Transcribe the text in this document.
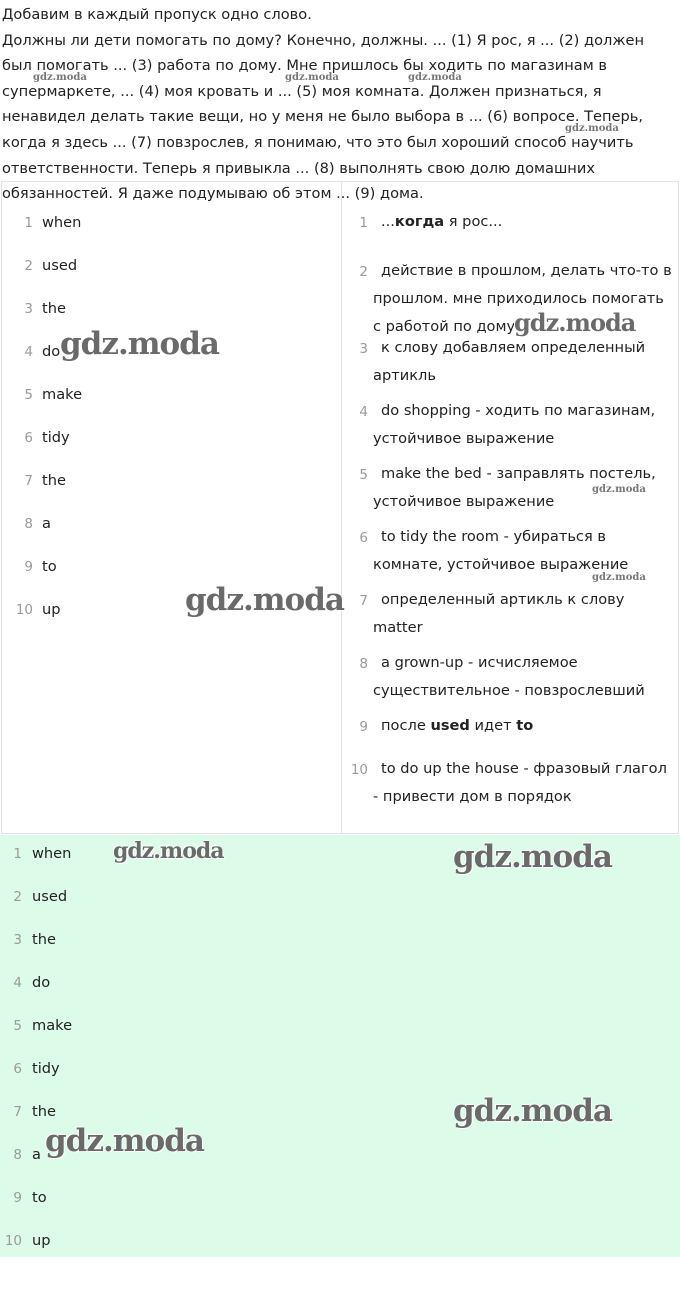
Добавим в каждый пропуск одно слово.

Должны ли дети помогать по дому? Конечно, должны. ... (1) Я рос, я ... (2) должен был помогать ... (3) работа по дому. Мне пришлось бы ходить по магазинам в супермаркете, ... (4) моя кровать и ... (5) моя комната. Должен признаться, я ненавидел делать такие вещи, но у меня не было выбора в ... (6) вопросе. Теперь, когда я здесь ... (7) повзрослев, я понимаю, что это был хороший способ научить ответственности. Теперь я привыкла ... (8) выполнять свою долю домашних обязанностей. Я даже подумываю об этом ... (9) дома.

1 when
2 used
3 the
4 do
5 make
6 tidy
7 the
8 a
9 to
10 up
1 ...когда я рос...
2 действие в прошлом, делать что-то в прошлом. мне приходилось помогать с работой по дому
3 к слову добавляем определенный артикль
4 do shopping - ходить по магазинам, устойчивое выражение
5 make the bed - заправлять постель, устойчивое выражение
6 to tidy the room - убираться в комнате, устойчивое выражение
7 определенный артикль к слову matter
8 a grown-up - исчисляемое существительное - повзрослевший
9 после used идет to
10 to do up the house - фразовый глагол - привести дом в порядок
1 when
2 used
3 the
4 do
5 make
6 tidy
7 the
8 a
9 to
10 up
gdz.moda	gdz.moda	gdz.moda
gdz.moda
gdz.moda
gdz.moda
gdz.moda
gdz.moda
gdz.moda
gdz.moda	gdz.moda
gdz.moda
gdz.moda
